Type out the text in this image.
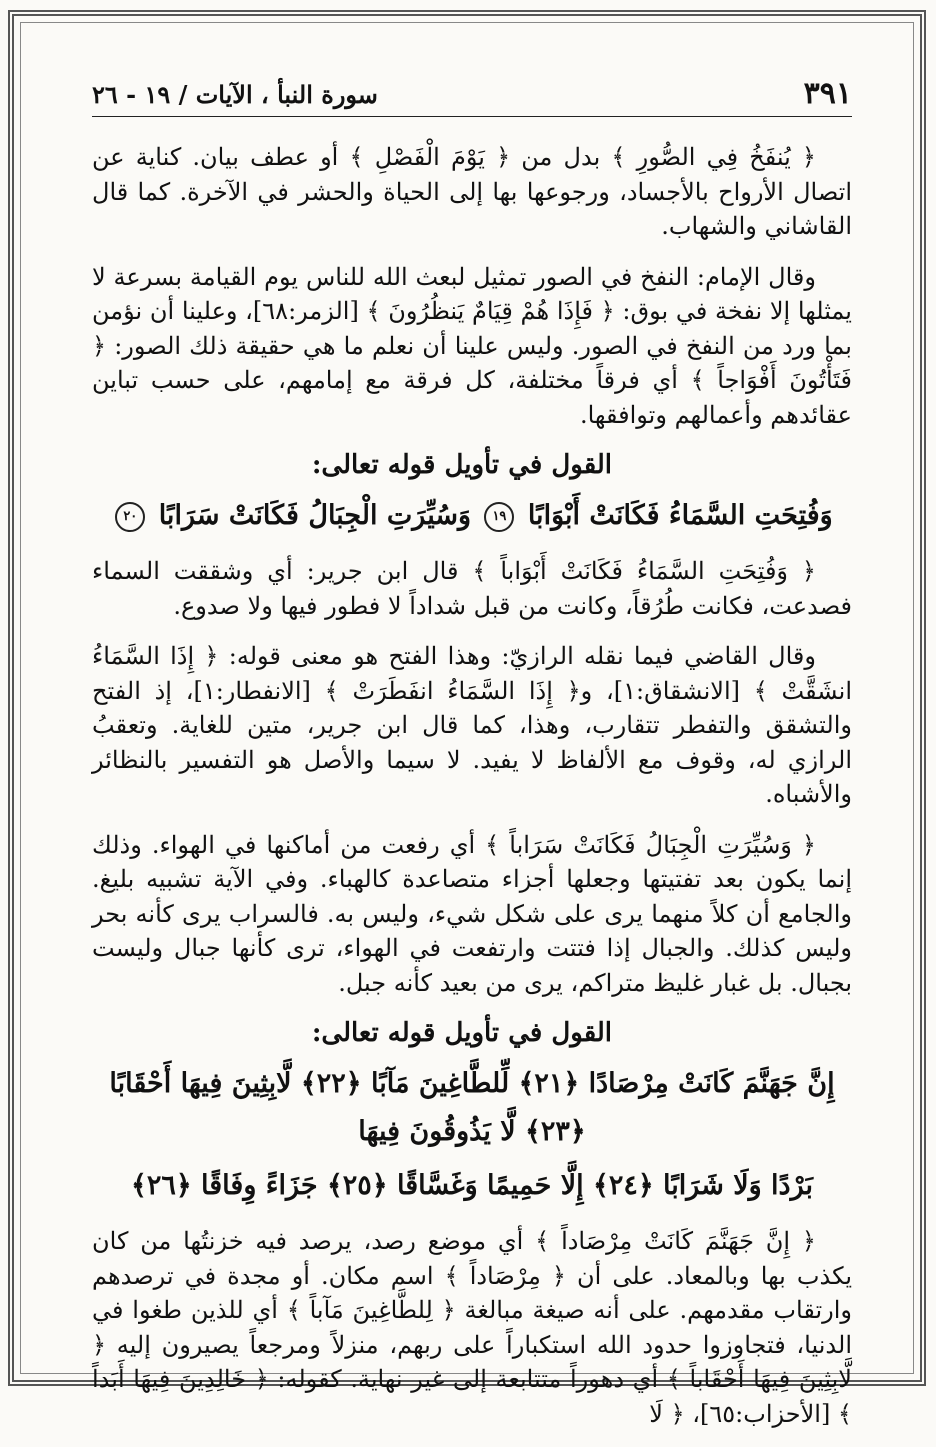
٣٩١
سورة النبأ ، الآيات / ١٩ - ٢٦

﴿ يُنفَخُ فِي الصُّورِ ﴾ بدل من ﴿ يَوْمَ الْفَصْلِ ﴾ أو عطف بيان. كناية عن اتصال الأرواح بالأجساد، ورجوعها بها إلى الحياة والحشر في الآخرة. كما قال القاشاني والشهاب.

وقال الإمام: النفخ في الصور تمثيل لبعث الله للناس يوم القيامة بسرعة لا يمثلها إلا نفخة في بوق: ﴿ فَإِذَا هُمْ قِيَامٌ يَنظُرُونَ ﴾ [الزمر:٦٨]، وعلينا أن نؤمن بما ورد من النفخ في الصور. وليس علينا أن نعلم ما هي حقيقة ذلك الصور: ﴿ فَتَأْتُونَ أَفْوَاجاً ﴾ أي فرقاً مختلفة، كل فرقة مع إمامهم، على حسب تباين عقائدهم وأعمالهم وتوافقها.

القول في تأويل قوله تعالى:

وَفُتِحَتِ السَّمَاءُ فَكَانَتْ أَبْوَابًا ١٩ وَسُيِّرَتِ الْجِبَالُ فَكَانَتْ سَرَابًا ٢٠

﴿ وَفُتِحَتِ السَّمَاءُ فَكَانَتْ أَبْوَاباً ﴾ قال ابن جرير: أي وشققت السماء فصدعت، فكانت طُرُقاً، وكانت من قبل شداداً لا فطور فيها ولا صدوع.

وقال القاضي فيما نقله الرازيّ: وهذا الفتح هو معنى قوله: ﴿ إِذَا السَّمَاءُ انشَقَّتْ ﴾ [الانشقاق:١]، و﴿ إِذَا السَّمَاءُ انفَطَرَتْ ﴾ [الانفطار:١]، إذ الفتح والتشقق والتفطر تتقارب، وهذا، كما قال ابن جرير، متين للغاية. وتعقبُ الرازي له، وقوف مع الألفاظ لا يفيد. لا سيما والأصل هو التفسير بالنظائر والأشباه.

﴿ وَسُيِّرَتِ الْجِبَالُ فَكَانَتْ سَرَاباً ﴾ أي رفعت من أماكنها في الهواء. وذلك إنما يكون بعد تفتيتها وجعلها أجزاء متصاعدة كالهباء. وفي الآية تشبيه بليغ. والجامع أن كلاً منهما يرى على شكل شيء، وليس به. فالسراب يرى كأنه بحر وليس كذلك. والجبال إذا فتتت وارتفعت في الهواء، ترى كأنها جبال وليست بجبال. بل غبار غليظ متراكم، يرى من بعيد كأنه جبل.

القول في تأويل قوله تعالى:

إِنَّ جَهَنَّمَ كَانَتْ مِرْصَادًا ﴿٢١﴾ لِّلطَّاغِينَ مَآبًا ﴿٢٢﴾ لَّابِثِينَ فِيهَا أَحْقَابًا ﴿٢٣﴾ لَّا يَذُوقُونَ فِيهَا

بَرْدًا وَلَا شَرَابًا ﴿٢٤﴾ إِلَّا حَمِيمًا وَغَسَّاقًا ﴿٢٥﴾ جَزَاءً وِفَاقًا ﴿٢٦﴾

﴿ إِنَّ جَهَنَّمَ كَانَتْ مِرْصَاداً ﴾ أي موضع رصد، يرصد فيه خزنتُها من كان يكذب بها وبالمعاد. على أن ﴿ مِرْصَاداً ﴾ اسم مكان. أو مجدة في ترصدهم وارتقاب مقدمهم. على أنه صيغة مبالغة ﴿ لِلطَّاغِينَ مَآباً ﴾ أي للذين طغوا في الدنيا، فتجاوزوا حدود الله استكباراً على ربهم، منزلاً ومرجعاً يصيرون إليه ﴿ لَّابِثِينَ فِيهَا أَحْقَاباً ﴾ أي دهوراً متتابعة إلى غير نهاية. كقوله: ﴿ خَالِدِينَ فِيهَا أَبَداً ﴾ [الأحزاب:٦٥]، ﴿ لَا
